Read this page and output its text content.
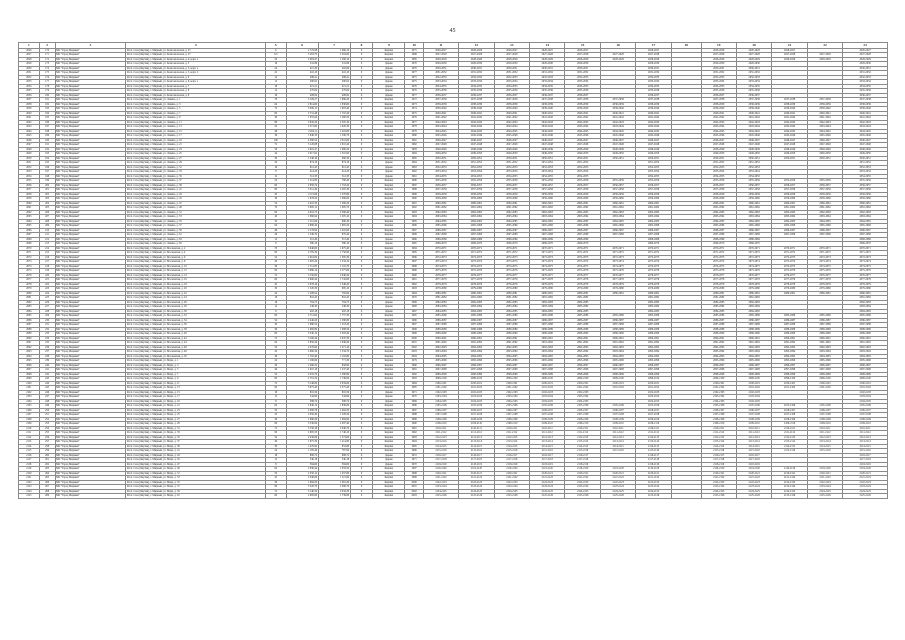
45
1	2	3	4	5	6	7	8	9	10	11	12	13	14	15	16	17	18	19	20	21	22	23
2026	170	МО "Город Мирный"	Респ. Саха (Якутия), г. Мирный, ул. Комсомольская, д. 25	6	2 725,98	1 966,10	0	Кирпич	1975	2026-2027	2026-2028	2026-2027	2026-2027	2026-2027		2026-2027		2026-2028	2026-2028	2026-2027		2026-2027
2027	171	МО "Город Мирный"	Респ. Саха (Якутия), г. Мирный, ул. Комсомольская, д. 27	121	5 263,70	2 304,60	0	Кирпич	1988	2027-2028	2027-2028	2027-2028	2027-2028	2027-2028	2027-2028	2027-2028		2027-2028	2027-2028	2027-2028	2027-2028	2027-2028
2028	172	МО "Город Мирный"	Респ. Саха (Якутия), г. Мирный, ул. Комсомольская, д. 4, корп. а	50	2 063,47	1 290,10	0	Кирпич	1985	2028-2029	2028-2029	2028-2029	2028-2029	2028-2029	2028-2029	2028-2029		2028-2029	2028-2029	2028-2029	2028-2029	2028-2029
2029	173	МО "Город Мирный"	Респ. Саха (Якутия), г. Мирный, ул. Комсомольская, д. 5	18	341,86	341,86	0	Дерево	1976	2029-2030	2029-2030	2029-2030	2029-2030	2029-2030		2029-2030		2029-2030	2029-2030			2029-2030
2030	174	МО "Город Мирный"	Респ. Саха (Якутия), г. Мирный, ул. Комсомольская, д. 5, корп. а	24	415,30	402,60	0	Дерево	1976	2030-2031	2030-2031	2030-2031	2030-2031	2030-2031		2030-2031		2030-2031	2030-2031			2030-2031
2031	175	МО "Город Мирный"	Респ. Саха (Якутия), г. Мирный, ул. Комсомольская, д. 5, корп. б	22	416,10	416,10	0	Дерево	1977	2031-2032	2031-2032	2031-2032	2031-2032	2031-2032		2031-2032		2031-2032	2031-2032			2031-2032
2032	176	МО "Город Мирный"	Респ. Саха (Якутия), г. Мирный, ул. Комсомольская, д. 6	12	288,41	288,41	0	Дерево	1975	2032-2033	2032-2033	2032-2033	2032-2033	2032-2033		2032-2033		2032-2033	2032-2033			2032-2033
2033	177	МО "Город Мирный"	Респ. Саха (Якутия), г. Мирный, ул. Комсомольская, д. 6, корп. а	12	290,02	290,02	0	Дерево	1975	2033-2034	2033-2034	2033-2034	2033-2034	2033-2034		2033-2034		2033-2034	2033-2034			2033-2034
2034	178	МО "Город Мирный"	Респ. Саха (Якутия), г. Мирный, ул. Комсомольская, д. 7	18	415,21	415,21	0	Дерево	1976	2034-2035	2034-2035	2034-2035	2034-2035	2034-2035		2034-2035		2034-2035	2034-2035			2034-2035
2035	179	МО "Город Мирный"	Респ. Саха (Якутия), г. Мирный, ул. Комсомольская, д. 8	12	270,84	270,84	0	Дерево	1976	2035-2036	2035-2036	2035-2036	2035-2036	2035-2036		2035-2036		2035-2036	2035-2036			2035-2036
2036	180	МО "Город Мирный"	Респ. Саха (Якутия), г. Мирный, ул. Комсомольская, д. 9	18	408,92	408,92	0	Дерево	1977	2036-2037	2036-2037	2036-2037	2036-2037	2036-2037		2036-2037		2036-2037	2036-2037			2036-2037
2037	181	МО "Город Мирный"	Респ. Саха (Якутия), г. Мирный, ул. Ленина, д. 1	76	3 109,27	1 986,20	0	Кирпич	1972	2037-2038	2037-2038	2037-2038	2037-2038	2037-2038	2037-2038	2037-2038		2037-2038	2037-2038	2037-2038	2037-2038	2037-2038
2038	182	МО "Город Мирный"	Респ. Саха (Якутия), г. Мирный, ул. Ленина, д. 3	64	2 814,60	1 830,60	0	Кирпич	1973	2038-2039	2038-2039	2038-2039	2038-2039	2038-2039	2038-2039	2038-2039		2038-2039	2038-2039	2038-2039	2038-2039	2038-2039
2039	183	МО "Город Мирный"	Респ. Саха (Якутия), г. Мирный, ул. Ленина, д. 5	70	3 009,15	1 903,40	0	Кирпич	1974	2039-2040	2039-2040	2039-2040	2039-2040	2039-2040	2039-2040	2039-2040		2039-2040	2039-2040	2039-2040	2039-2040	2039-2040
2040	184	МО "Город Мирный"	Респ. Саха (Якутия), г. Мирный, ул. Ленина, д. 7	60	2 731,48	1 710,20	0	Кирпич	1975	2040-2041	2040-2041	2040-2041	2040-2041	2040-2041	2040-2041	2040-2041		2040-2041	2040-2041	2040-2041	2040-2041	2040-2041
2041	185	МО "Город Мирный"	Респ. Саха (Якутия), г. Мирный, ул. Ленина, д. 9	40	1 955,64	1 260,50	0	Кирпич	1976	2041-2042	2041-2042	2041-2042	2041-2042	2041-2042	2041-2042	2041-2042		2041-2042	2041-2042	2041-2042	2041-2042	2041-2042
2042	186	МО "Город Мирный"	Респ. Саха (Якутия), г. Мирный, ул. Ленина, д. 11	88	3 945,20	2 505,10	0	Кирпич	1977	2042-2043	2042-2043	2042-2043	2042-2043	2042-2043	2042-2043	2042-2043		2042-2043	2042-2043	2042-2043	2042-2043	2042-2043
2043	187	МО "Город Мирный"	Респ. Саха (Якутия), г. Мирный, ул. Ленина, д. 13	54	2 513,90	1 620,30	0	Кирпич	1978	2043-2044	2043-2044	2043-2044	2043-2044	2043-2044	2043-2044	2043-2044		2043-2044	2043-2044	2043-2044	2043-2044	2043-2044
2044	188	МО "Город Мирный"	Респ. Саха (Якутия), г. Мирный, ул. Ленина, д. 15	48	2 204,11	1 419,80	0	Кирпич	1979	2044-2045	2044-2045	2044-2045	2044-2045	2044-2045	2044-2045	2044-2045		2044-2045	2044-2045	2044-2045	2044-2045	2044-2045
2045	189	МО "Город Мирный"	Респ. Саха (Якутия), г. Мирный, ул. Ленина, д. 17	36	1 840,33	1 180,70	0	Кирпич	1980	2045-2046	2045-2046	2045-2046	2045-2046	2045-2046	2045-2046	2045-2046		2045-2046	2045-2046	2045-2046	2045-2046	2045-2046
2046	190	МО "Город Мирный"	Респ. Саха (Якутия), г. Мирный, ул. Ленина, д. 19	100	4 380,54	2 811,60	0	Кирпич	1981	2046-2047	2046-2047	2046-2047	2046-2047	2046-2047	2046-2047	2046-2047		2046-2047	2046-2047	2046-2047	2046-2047	2046-2047
2047	191	МО "Город Мирный"	Респ. Саха (Якутия), г. Мирный, ул. Ленина, д. 21	72	3 120,88	2 010,40	0	Кирпич	1982	2047-2048	2047-2048	2047-2048	2047-2048	2047-2048	2047-2048	2047-2048		2047-2048	2047-2048	2047-2048	2047-2048	2047-2048
2048	192	МО "Город Мирный"	Респ. Саха (Якутия), г. Мирный, ул. Ленина, д. 23	58	2 610,47	1 690,20	0	Кирпич	1983	2048-2049	2048-2049	2048-2049	2048-2049	2048-2049	2048-2049	2048-2049		2048-2049	2048-2049	2048-2049	2048-2049	2048-2049
2049	193	МО "Город Мирный"	Респ. Саха (Якутия), г. Мирный, ул. Ленина, д. 25	44	2 017,62	1 310,90	0	Кирпич	1984	2049-2050	2049-2050	2049-2050	2049-2050	2049-2050	2049-2050	2049-2050		2049-2050	2049-2050	2049-2050	2049-2050	2049-2050
2050	194	МО "Город Мирный"	Респ. Саха (Якутия), г. Мирный, ул. Ленина, д. 27	30	1 540,19	990,30	0	Кирпич	1985	2050-2051	2050-2051	2050-2051	2050-2051	2050-2051	2050-2051	2050-2051		2050-2051	2050-2051	2050-2051	2050-2051	2050-2051
2051	195	МО "Город Мирный"	Респ. Саха (Якутия), г. Мирный, ул. Ленина, д. 29	20	874,10	874,10	0	Дерево	1964	2051-2052	2051-2052	2051-2052	2051-2052	2051-2052		2051-2052		2051-2052	2051-2052			2051-2052
2052	196	МО "Город Мирный"	Респ. Саха (Якутия), г. Мирный, ул. Ленина, д. 31	16	612,45	612,45	0	Дерево	1963	2052-2053	2052-2053	2052-2053	2052-2053	2052-2053		2052-2053		2052-2053	2052-2053			2052-2053
2053	197	МО "Город Мирный"	Респ. Саха (Якутия), г. Мирный, ул. Ленина, д. 33	8	414,20	414,20	0	Дерево	1962	2053-2054	2053-2054	2053-2054	2053-2054	2053-2054		2053-2054		2053-2054	2053-2054			2053-2054
2054	198	МО "Город Мирный"	Респ. Саха (Якутия), г. Мирный, ул. Ленина, д. 35	12	512,33	512,33	0	Дерево	1961	2054-2055	2054-2055	2054-2055	2054-2055	2054-2055		2054-2055		2054-2055	2054-2055			2054-2055
2055	199	МО "Город Мирный"	Респ. Саха (Якутия), г. Мирный, ул. Ленина, д. 37	24	1 214,80	780,40	0	Кирпич	1986	2055-2056	2055-2056	2055-2056	2055-2056	2055-2056	2055-2056	2055-2056		2055-2056	2055-2056	2055-2056	2055-2056	2055-2056
2056	200	МО "Город Мирный"	Респ. Саха (Якутия), г. Мирный, ул. Ленина, д. 39	60	2 650,74	1 718,20	0	Кирпич	1987	2056-2057	2056-2057	2056-2057	2056-2057	2056-2057	2056-2057	2056-2057		2056-2057	2056-2057	2056-2057	2056-2057	2056-2057
2057	201	МО "Город Мирный"	Респ. Саха (Якутия), г. Мирный, ул. Ленина, д. 41	80	3 512,40	2 265,30	0	Кирпич	1988	2057-2058	2057-2058	2057-2058	2057-2058	2057-2058	2057-2058	2057-2058		2057-2058	2057-2058	2057-2058	2057-2058	2057-2058
2058	202	МО "Город Мирный"	Респ. Саха (Якутия), г. Мирный, ул. Ленина, д. 43	45	2 115,66	1 370,80	0	Кирпич	1989	2058-2059	2058-2059	2058-2059	2058-2059	2058-2059	2058-2059	2058-2059		2058-2059	2058-2059	2058-2059	2058-2059	2058-2059
2059	203	МО "Город Мирный"	Респ. Саха (Якутия), г. Мирный, ул. Ленина, д. 45	36	1 678,20	1 090,60	0	Кирпич	1990	2059-2060	2059-2060	2059-2060	2059-2060	2059-2060	2059-2060	2059-2060		2059-2060	2059-2060	2059-2060	2059-2060	2059-2060
2060	204	МО "Город Мирный"	Респ. Саха (Якутия), г. Мирный, ул. Ленина, д. 47	54	2 410,35	1 560,20	0	Кирпич	1991	2060-2061	2060-2061	2060-2061	2060-2061	2060-2061	2060-2061	2060-2061		2060-2061	2060-2061	2060-2061	2060-2061	2060-2061
2061	205	МО "Город Мирный"	Респ. Саха (Якутия), г. Мирный, ул. Ленина, д. 49	70	3 085,12	1 995,70	0	Кирпич	1992	2061-2062	2061-2062	2061-2062	2061-2062	2061-2062	2061-2062	2061-2062		2061-2062	2061-2062	2061-2062	2061-2062	2061-2062
2062	206	МО "Город Мирный"	Респ. Саха (Якутия), г. Мирный, ул. Ленина, д. 51	90	4 010,75	2 590,40	0	Кирпич	1993	2062-2063	2062-2063	2062-2063	2062-2063	2062-2063	2062-2063	2062-2063		2062-2063	2062-2063	2062-2063	2062-2063	2062-2063
2063	207	МО "Город Мирный"	Респ. Саха (Якутия), г. Мирный, ул. Ленина, д. 53	40	1 860,94	1 205,10	0	Кирпич	1994	2063-2064	2063-2064	2063-2064	2063-2064	2063-2064	2063-2064	2063-2064		2063-2064	2063-2064	2063-2064	2063-2064	2063-2064
2064	208	МО "Город Мирный"	Респ. Саха (Якутия), г. Мирный, ул. Ленина, д. 55	32	1 512,06	980,30	0	Кирпич	1995	2064-2065	2064-2065	2064-2065	2064-2065	2064-2065	2064-2065	2064-2065		2064-2065	2064-2065	2064-2065	2064-2065	2064-2065
2065	209	МО "Город Мирный"	Респ. Саха (Якутия), г. Мирный, ул. Ленина, д. 57	64	2 880,40	1 865,20	0	Кирпич	1996	2065-2066	2065-2066	2065-2066	2065-2066	2065-2066	2065-2066	2065-2066		2065-2066	2065-2066	2065-2066	2065-2066	2065-2066
2066	210	МО "Город Мирный"	Респ. Саха (Якутия), г. Мирный, ул. Ленина, д. 59	48	2 176,90	1 410,60	0	Кирпич	1997	2066-2067	2066-2067	2066-2067	2066-2067	2066-2067	2066-2067	2066-2067		2066-2067	2066-2067	2066-2067	2066-2067	2066-2067
2067	211	МО "Город Мирный"	Респ. Саха (Якутия), г. Мирный, ул. Ленина, д. 61	28	1 340,70	870,40	0	Кирпич	1998	2067-2068	2067-2068	2067-2068	2067-2068	2067-2068	2067-2068	2067-2068		2067-2068	2067-2068	2067-2068	2067-2068	2067-2068
2068	212	МО "Город Мирный"	Респ. Саха (Якутия), г. Мирный, ул. Ленина, д. 63	12	512,40	512,40	0	Дерево	1966	2068-2069	2068-2069	2068-2069	2068-2069	2068-2069		2068-2069		2068-2069	2068-2069			2068-2069
2069	213	МО "Город Мирный"	Респ. Саха (Якутия), г. Мирный, ул. Ленина, д. 65	8	380,16	380,16	0	Дерево	1965	2069-2070	2069-2070	2069-2070	2069-2070	2069-2070		2069-2070		2069-2070	2069-2070			2069-2070
2070	214	МО "Город Мирный"	Респ. Саха (Якутия), г. Мирный, ул. Московская, д. 2	70	3 040,60	1 975,40	0	Кирпич	1984	2070-2071	2070-2071	2070-2071	2070-2071	2070-2071	2070-2071	2070-2071		2070-2071	2070-2071	2070-2071	2070-2071	2070-2071
2071	215	МО "Город Мирный"	Респ. Саха (Якутия), г. Мирный, ул. Московская, д. 4	60	2 705,30	1 750,90	0	Кирпич	1985	2071-2072	2071-2072	2071-2072	2071-2072	2071-2072	2071-2072	2071-2072		2071-2072	2071-2072	2071-2072	2071-2072	2071-2072
2072	216	МО "Город Мирный"	Респ. Саха (Якутия), г. Мирный, ул. Московская, д. 6	54	2 461,82	1 595,30	0	Кирпич	1986	2072-2073	2072-2073	2072-2073	2072-2073	2072-2073	2072-2073	2072-2073		2072-2073	2072-2073	2072-2073	2072-2073	2072-2073
2073	217	МО "Город Мирный"	Респ. Саха (Якутия), г. Мирный, ул. Московская, д. 8	40	1 905,44	1 234,10	0	Кирпич	1987	2073-2074	2073-2074	2073-2074	2073-2074	2073-2074	2073-2074	2073-2074		2073-2074	2073-2074	2073-2074	2073-2074	2073-2074
2074	218	МО "Город Мирный"	Респ. Саха (Якутия), г. Мирный, ул. Московская, д. 10	36	1 712,85	1 110,70	0	Кирпич	1988	2074-2075	2074-2075	2074-2075	2074-2075	2074-2075	2074-2075	2074-2075		2074-2075	2074-2075	2074-2075	2074-2075	2074-2075
2075	219	МО "Город Мирный"	Респ. Саха (Якутия), г. Мирный, ул. Московская, д. 12	90	3 980,14	2 577,60	0	Кирпич	1989	2075-2076	2075-2076	2075-2076	2075-2076	2075-2076	2075-2076	2075-2076		2075-2076	2075-2076	2075-2076	2075-2076	2075-2076
2076	220	МО "Город Мирный"	Респ. Саха (Якутия), г. Мирный, ул. Московская, д. 14	72	3 150,60	2 040,20	0	Кирпич	1990	2076-2077	2076-2077	2076-2077	2076-2077	2076-2077	2076-2077	2076-2077		2076-2077	2076-2077	2076-2077	2076-2077	2076-2077
2077	221	МО "Город Мирный"	Респ. Саха (Якутия), г. Мирный, ул. Московская, д. 16	60	2 690,44	1 742,80	0	Кирпич	1991	2077-2078	2077-2078	2077-2078	2077-2078	2077-2078	2077-2078	2077-2078		2077-2078	2077-2078	2077-2078	2077-2078	2077-2078
2078	222	МО "Город Мирный"	Респ. Саха (Якутия), г. Мирный, ул. Московская, д. 18	45	2 078,16	1 346,20	0	Кирпич	1992	2078-2079	2078-2079	2078-2079	2078-2079	2078-2079	2078-2079	2078-2079		2078-2079	2078-2079	2078-2079	2078-2079	2078-2079
2079	223	МО "Город Мирный"	Респ. Саха (Якутия), г. Мирный, ул. Московская, д. 20	30	1 520,30	985,10	0	Кирпич	1993	2079-2080	2079-2080	2079-2080	2079-2080	2079-2080	2079-2080	2079-2080		2079-2080	2079-2080	2079-2080	2079-2080	2079-2080
2080	224	МО "Город Мирный"	Респ. Саха (Якутия), г. Мирный, ул. Московская, д. 22	24	1 208,54	782,90	0	Кирпич	1994	2080-2081	2080-2081	2080-2081	2080-2081	2080-2081	2080-2081	2080-2081		2080-2081	2080-2081	2080-2081	2080-2081	2080-2081
2081	225	МО "Город Мирный"	Респ. Саха (Якутия), г. Мирный, ул. Московская, д. 24	18	816,20	816,20	0	Дерево	1970	2081-2082	2081-2082	2081-2082	2081-2082	2081-2082		2081-2082		2081-2082	2081-2082			2081-2082
2082	226	МО "Город Мирный"	Респ. Саха (Якутия), г. Мирный, ул. Московская, д. 26	16	704,75	704,75	0	Дерево	1969	2082-2083	2082-2083	2082-2083	2082-2083	2082-2083		2082-2083		2082-2083	2082-2083			2082-2083
2083	227	МО "Город Мирный"	Респ. Саха (Якутия), г. Мирный, ул. Московская, д. 28	12	548,30	548,30	0	Дерево	1968	2083-2084	2083-2084	2083-2084	2083-2084	2083-2084		2083-2084		2083-2084	2083-2084			2083-2084
2084	228	МО "Город Мирный"	Респ. Саха (Якутия), г. Мирный, ул. Московская, д. 30	8	402,18	402,18	0	Дерево	1967	2084-2085	2084-2085	2084-2085	2084-2085	2084-2085		2084-2085		2084-2085	2084-2085			2084-2085
2085	229	МО "Город Мирный"	Респ. Саха (Якутия), г. Мирный, ул. Московская, д. 32	60	2 712,64	1 757,30	0	Кирпич	1995	2085-2086	2085-2086	2085-2086	2085-2086	2085-2086	2085-2086	2085-2086		2085-2086	2085-2086	2085-2086	2085-2086	2085-2086
2086	230	МО "Город Мирный"	Респ. Саха (Якутия), г. Мирный, ул. Московская, д. 34	54	2 440,20	1 580,80	0	Кирпич	1996	2086-2087	2086-2087	2086-2087	2086-2087	2086-2087	2086-2087	2086-2087		2086-2087	2086-2087	2086-2087	2086-2087	2086-2087
2087	231	МО "Город Мирный"	Респ. Саха (Якутия), г. Мирный, ул. Московская, д. 36	40	1 880,52	1 218,20	0	Кирпич	1997	2087-2088	2087-2088	2087-2088	2087-2088	2087-2088	2087-2088	2087-2088		2087-2088	2087-2088	2087-2088	2087-2088	2087-2088
2088	232	МО "Город Мирный"	Респ. Саха (Якутия), г. Мирный, ул. Московская, д. 38	36	1 695,80	1 098,50	0	Кирпич	1998	2088-2089	2088-2089	2088-2089	2088-2089	2088-2089	2088-2089	2088-2089		2088-2089	2088-2089	2088-2089	2088-2089	2088-2089
2089	233	МО "Город Мирный"	Респ. Саха (Якутия), г. Мирный, ул. Московская, д. 40	80	3 540,10	2 293,40	0	Кирпич	1999	2089-2090	2089-2090	2089-2090	2089-2090	2089-2090	2089-2090	2089-2090		2089-2090	2089-2090	2089-2090	2089-2090	2089-2090
2090	234	МО "Город Мирный"	Респ. Саха (Якутия), г. Мирный, ул. Московская, д. 42	72	3 160,44	2 047,30	0	Кирпич	2000	2090-2091	2090-2091	2090-2091	2090-2091	2090-2091	2090-2091	2090-2091		2090-2091	2090-2091	2090-2091	2090-2091	2090-2091
2091	235	МО "Город Мирный"	Респ. Саха (Якутия), г. Мирный, ул. Московская, д. 44	64	2 850,26	1 846,40	0	Кирпич	2001	2091-2092	2091-2092	2091-2092	2091-2092	2091-2092	2091-2092	2091-2092		2091-2092	2091-2092	2091-2092	2091-2092	2091-2092
2092	236	МО "Город Мирный"	Респ. Саха (Якутия), г. Мирный, ул. Московская, д. 46	50	2 270,90	1 471,10	0	Кирпич	2002	2092-2093	2092-2093	2092-2093	2092-2093	2092-2093	2092-2093	2092-2093		2092-2093	2092-2093	2092-2093	2092-2093	2092-2093
2093	237	МО "Город Мирный"	Респ. Саха (Якутия), г. Мирный, ул. Московская, д. 48	45	2 060,34	1 334,70	0	Кирпич	2003	2093-2094	2093-2094	2093-2094	2093-2094	2093-2094	2093-2094	2093-2094		2093-2094	2093-2094	2093-2094	2093-2094	2093-2094
2094	238	МО "Город Мирный"	Респ. Саха (Якутия), г. Мирный, ул. Московская, д. 50	36	1 702,40	1 102,80	0	Кирпич	2004	2094-2095	2094-2095	2094-2095	2094-2095	2094-2095	2094-2095	2094-2095		2094-2095	2094-2095	2094-2095	2094-2095	2094-2095
2095	239	МО "Город Мирный"	Респ. Саха (Якутия), г. Мирный, ул. Мира, д. 1	24	1 190,66	771,30	0	Кирпич	1979	2095-2096	2095-2096	2095-2096	2095-2096	2095-2096	2095-2096	2095-2096		2095-2096	2095-2096	2095-2096	2095-2096	2095-2096
2096	240	МО "Город Мирный"	Респ. Саха (Якутия), г. Мирный, ул. Мира, д. 3	30	1 480,22	958,90	0	Кирпич	1980	2096-2097	2096-2097	2096-2097	2096-2097	2096-2097	2096-2097	2096-2097		2096-2097	2096-2097	2096-2097	2096-2097	2096-2097
2097	241	МО "Город Мирный"	Респ. Саха (Якутия), г. Мирный, ул. Мира, д. 5	40	1 910,18	1 237,40	0	Кирпич	1981	2097-2098	2097-2098	2097-2098	2097-2098	2097-2098	2097-2098	2097-2098		2097-2098	2097-2098	2097-2098	2097-2098	2097-2098
2098	242	МО "Город Мирный"	Респ. Саха (Якутия), г. Мирный, ул. Мира, д. 7	54	2 455,70	1 590,80	0	Кирпич	1982	2098-2099	2098-2099	2098-2099	2098-2099	2098-2099	2098-2099	2098-2099		2098-2099	2098-2099	2098-2099	2098-2099	2098-2099
2099	243	МО "Город Мирный"	Респ. Саха (Якутия), г. Мирный, ул. Мира, д. 9	60	2 701,34	1 749,90	0	Кирпич	1983	2099-2100	2099-2100	2099-2100	2099-2100	2099-2100	2099-2100	2099-2100		2099-2100	2099-2100	2099-2100	2099-2100	2099-2100
2100	244	МО "Город Мирный"	Респ. Саха (Якутия), г. Мирный, ул. Мира, д. 11	72	3 140,82	2 034,60	0	Кирпич	1984	2100-2101	2100-2101	2100-2101	2100-2101	2100-2101	2100-2101	2100-2101		2100-2101	2100-2101	2100-2101	2100-2101	2100-2101
2101	245	МО "Город Мирный"	Респ. Саха (Якутия), г. Мирный, ул. Мира, д. 13	90	3 975,40	2 575,20	0	Кирпич	1985	2101-2102	2101-2102	2101-2102	2101-2102	2101-2102	2101-2102	2101-2102		2101-2102	2101-2102	2101-2102	2101-2102	2101-2102
2102	246	МО "Город Мирный"	Респ. Саха (Якутия), г. Мирный, ул. Мира, д. 15	18	810,56	810,56	0	Дерево	1971	2102-2103	2102-2103	2102-2103	2102-2103	2102-2103		2102-2103		2102-2103	2102-2103			2102-2103
2103	247	МО "Город Мирный"	Респ. Саха (Якутия), г. Мирный, ул. Мира, д. 17	12	544,90	544,90	0	Дерево	1970	2103-2104	2103-2104	2103-2104	2103-2104	2103-2104		2103-2104		2103-2104	2103-2104			2103-2104
2104	248	МО "Город Мирный"	Респ. Саха (Якутия), г. Мирный, ул. Мира, д. 19	8	398,74	398,74	0	Дерево	1969	2104-2105	2104-2105	2104-2105	2104-2105	2104-2105		2104-2105		2104-2105	2104-2105			2104-2105
2105	249	МО "Город Мирный"	Респ. Саха (Якутия), г. Мирный, ул. Мира, д. 21	64	2 840,12	1 839,80	0	Кирпич	1986	2105-2106	2105-2106	2105-2106	2105-2106	2105-2106	2105-2106	2105-2106		2105-2106	2105-2106	2105-2106	2105-2106	2105-2106
2106	250	МО "Город Мирный"	Респ. Саха (Якутия), г. Мирный, ул. Мира, д. 23	50	2 260,78	1 464,50	0	Кирпич	1987	2106-2107	2106-2107	2106-2107	2106-2107	2106-2107	2106-2107	2106-2107		2106-2107	2106-2107	2106-2107	2106-2107	2106-2107
2107	251	МО "Город Мирный"	Респ. Саха (Якутия), г. Мирный, ул. Мира, д. 25	45	2 050,40	1 328,20	0	Кирпич	1988	2107-2108	2107-2108	2107-2108	2107-2108	2107-2108	2107-2108	2107-2108		2107-2108	2107-2108	2107-2108	2107-2108	2107-2108
2108	252	МО "Город Мирный"	Респ. Саха (Якутия), г. Мирный, ул. Мира, д. 27	36	1 690,26	1 094,90	0	Кирпич	1989	2108-2109	2108-2109	2108-2109	2108-2109	2108-2109	2108-2109	2108-2109		2108-2109	2108-2109	2108-2109	2108-2109	2108-2109
2109	253	МО "Город Мирный"	Респ. Саха (Якутия), г. Мирный, ул. Мира, д. 29	80	3 530,84	2 287,40	0	Кирпич	1990	2109-2110	2109-2110	2109-2110	2109-2110	2109-2110	2109-2110	2109-2110		2109-2110	2109-2110	2109-2110	2109-2110	2109-2110
2110	254	МО "Город Мирный"	Респ. Саха (Якутия), г. Мирный, ул. Мира, д. 31	72	3 150,18	2 040,70	0	Кирпич	1991	2110-2111	2110-2111	2110-2111	2110-2111	2110-2111	2110-2111	2110-2111		2110-2111	2110-2111	2110-2111	2110-2111	2110-2111
2111	255	МО "Город Мирный"	Респ. Саха (Якутия), г. Мирный, ул. Мира, д. 33	60	2 695,50	1 746,10	0	Кирпич	1992	2111-2112	2111-2112	2111-2112	2111-2112	2111-2112	2111-2112	2111-2112		2111-2112	2111-2112	2111-2112	2111-2112	2111-2112
2112	256	МО "Город Мирный"	Респ. Саха (Якутия), г. Мирный, ул. Мира, д. 35	54	2 430,66	1 574,60	0	Кирпич	1993	2112-2113	2112-2113	2112-2113	2112-2113	2112-2113	2112-2113	2112-2113		2112-2113	2112-2113	2112-2113	2112-2113	2112-2113
2113	257	МО "Город Мирный"	Респ. Саха (Якутия), г. Мирный, ул. Мира, д. 37	40	1 875,30	1 214,80	0	Кирпич	1994	2113-2114	2113-2114	2113-2114	2113-2114	2113-2114	2113-2114	2113-2114		2113-2114	2113-2114	2113-2114	2113-2114	2113-2114
2114	258	МО "Город Мирный"	Респ. Саха (Якутия), г. Мирный, ул. Мира, д. 39	30	1 470,92	952,80	0	Кирпич	1995	2114-2115	2114-2115	2114-2115	2114-2115	2114-2115	2114-2115	2114-2115		2114-2115	2114-2115	2114-2115	2114-2115	2114-2115
2115	259	МО "Город Мирный"	Респ. Саха (Якутия), г. Мирный, ул. Мира, д. 41	24	1 185,40	767,90	0	Кирпич	1996	2115-2116	2115-2116	2115-2116	2115-2116	2115-2116	2115-2116	2115-2116		2115-2116	2115-2116	2115-2116	2115-2116	2115-2116
2116	260	МО "Город Мирный"	Респ. Саха (Якутия), г. Мирный, ул. Мира, д. 43	18	806,72	806,72	0	Дерево	1972	2116-2117	2116-2117	2116-2117	2116-2117	2116-2117		2116-2117		2116-2117	2116-2117			2116-2117
2117	261	МО "Город Мирный"	Респ. Саха (Якутия), г. Мирный, ул. Мира, д. 45	12	540,18	540,18	0	Дерево	1971	2117-2118	2117-2118	2117-2118	2117-2118	2117-2118		2117-2118		2117-2118	2117-2118			2117-2118
2118	262	МО "Город Мирный"	Респ. Саха (Якутия), г. Мирный, ул. Мира, д. 47	8	394,60	394,60	0	Дерево	1970	2118-2119	2118-2119	2118-2119	2118-2119	2118-2119		2118-2119		2118-2119	2118-2119			2118-2119
2119	263	МО "Город Мирный"	Респ. Саха (Якутия), г. Мирный, ул. Мира, д. 49	64	2 830,44	1 833,50	0	Кирпич	1997	2119-2120	2119-2120	2119-2120	2119-2120	2119-2120	2119-2120	2119-2120		2119-2120	2119-2120	2119-2120	2119-2120	2119-2120
2120	264	МО "Город Мирный"	Респ. Саха (Якутия), г. Мирный, ул. Мира, д. 51	50	2 250,12	1 457,60	0	Кирпич	1998	2120-2121	2120-2121	2120-2121	2120-2121	2120-2121	2120-2121	2120-2121		2120-2121	2120-2121	2120-2121	2120-2121	2120-2121
2121	265	МО "Город Мирный"	Респ. Саха (Якутия), г. Мирный, ул. Мира, д. 53	45	2 040,66	1 321,90	0	Кирпич	1999	2121-2122	2121-2122	2121-2122	2121-2122	2121-2122	2121-2122	2121-2122		2121-2122	2121-2122	2121-2122	2121-2122	2121-2122
2122	266	МО "Город Мирный"	Респ. Саха (Якутия), г. Мирный, ул. Мира, д. 55	36	1 684,50	1 091,20	0	Кирпич	2000	2122-2123	2122-2123	2122-2123	2122-2123	2122-2123	2122-2123	2122-2123		2122-2123	2122-2123	2122-2123	2122-2123	2122-2123
2123	267	МО "Город Мирный"	Респ. Саха (Якутия), г. Мирный, ул. Мира, д. 57	80	3 520,70	2 280,70	0	Кирпич	2001	2123-2124	2123-2124	2123-2124	2123-2124	2123-2124	2123-2124	2123-2124		2123-2124	2123-2124	2123-2124	2123-2124	2123-2124
2124	268	МО "Город Мирный"	Респ. Саха (Якутия), г. Мирный, ул. Мира, д. 59	72	3 140,34	2 034,30	0	Кирпич	2002	2124-2125	2124-2125	2124-2125	2124-2125	2124-2125	2124-2125	2124-2125		2124-2125	2124-2125	2124-2125	2124-2125	2124-2125
2125	269	МО "Город Мирный"	Респ. Саха (Якутия), г. Мирный, ул. Мира, д. 61	60	2 685,80	1 739,80	0	Кирпич	2003	2125-2126	2125-2126	2125-2126	2125-2126	2125-2126	2125-2126	2125-2126		2125-2126	2125-2126	2125-2126	2125-2126	2125-2126
